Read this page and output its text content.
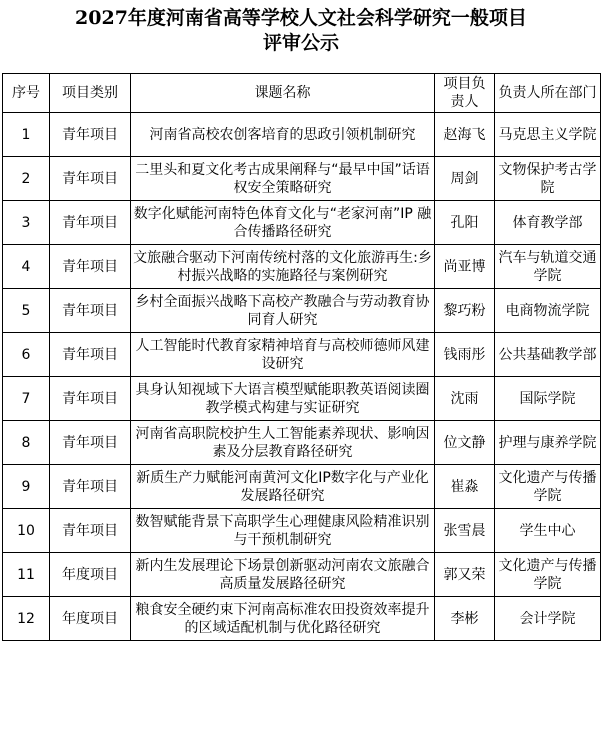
2027年度河南省高等学校人文社会科学研究一般项目
评审公示
序号	项目类别	课题名称	项目负责人	负责人所在部门
1	青年项目	河南省高校农创客培育的思政引领机制研究	赵海飞	马克思主义学院
2	青年项目	二里头和夏文化考古成果阐释与“最早中国”话语权安全策略研究	周剑	文物保护考古学院
3	青年项目	数字化赋能河南特色体育文化与“老家河南”IP 融合传播路径研究	孔阳	体育教学部
4	青年项目	文旅融合驱动下河南传统村落的文化旅游再生:乡村振兴战略的实施路径与案例研究	尚亚博	汽车与轨道交通学院
5	青年项目	乡村全面振兴战略下高校产教融合与劳动教育协同育人研究	黎巧粉	电商物流学院
6	青年项目	人工智能时代教育家精神培育与高校师德师风建设研究	钱雨彤	公共基础教学部
7	青年项目	具身认知视域下大语言模型赋能职教英语阅读圈教学模式构建与实证研究	沈雨	国际学院
8	青年项目	河南省高职院校护生人工智能素养现状、影响因素及分层教育路径研究	位文静	护理与康养学院
9	青年项目	新质生产力赋能河南黄河文化IP数字化与产业化发展路径研究	崔淼	文化遗产与传播学院
10	青年项目	数智赋能背景下高职学生心理健康风险精准识别与干预机制研究	张雪晨	学生中心
11	年度项目	新内生发展理论下场景创新驱动河南农文旅融合高质量发展路径研究	郭又荣	文化遗产与传播学院
12	年度项目	粮食安全硬约束下河南高标准农田投资效率提升的区域适配机制与优化路径研究	李彬	会计学院
